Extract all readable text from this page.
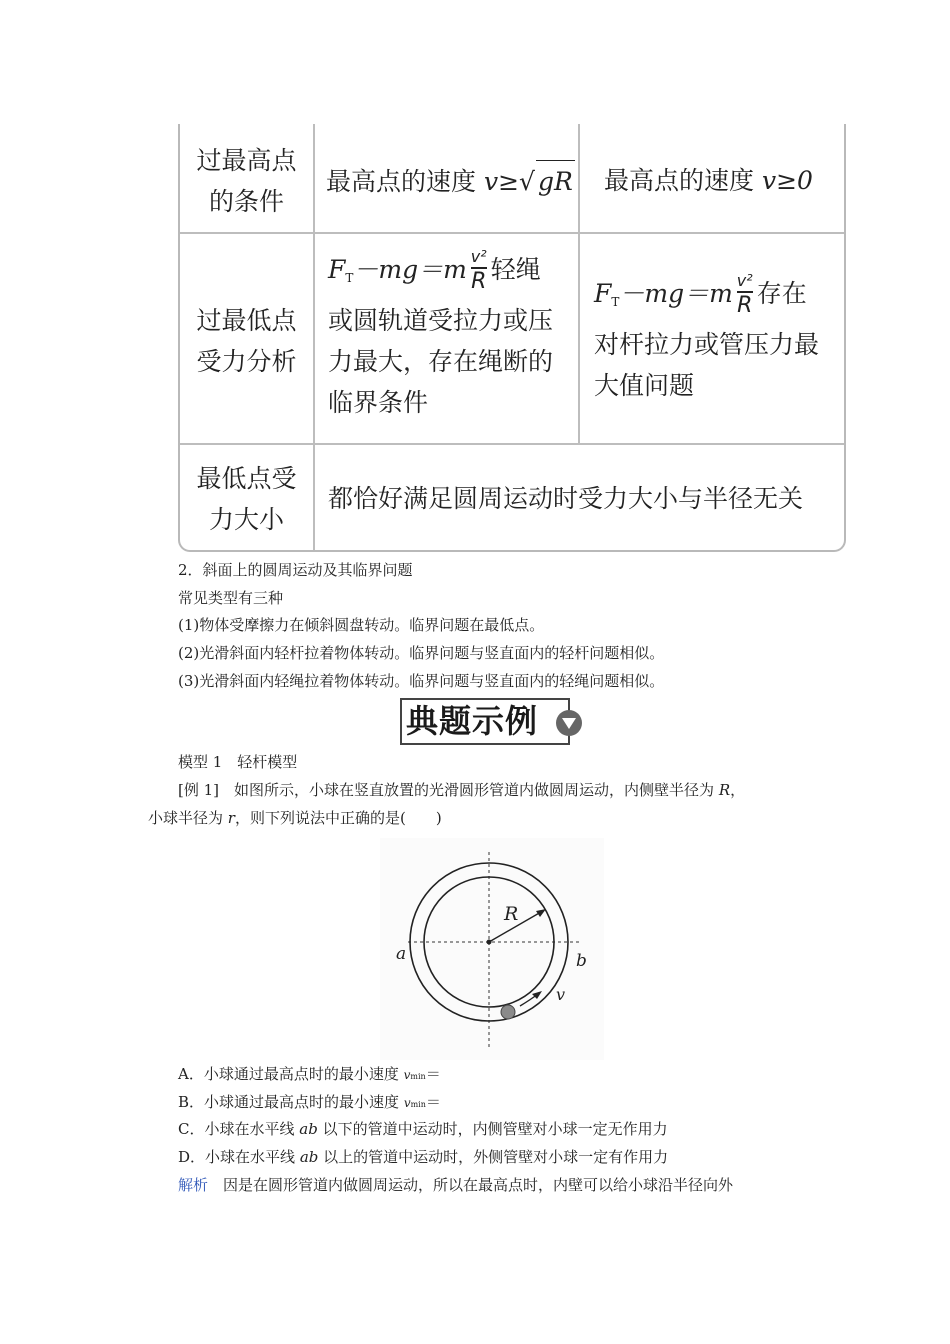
过最高点
的条件
最高点的速度 v≥√ gR 最高点的速度 v≥0
过最低点
受力分析
$F_T-mg=m \frac{\text{v²}}{R}$ 轻绳
或圆轨道受拉力或压
力最大，存在绳断的
临界条件
$F_T-mg=m \frac{\text{v²}}{R}$ 存在
对杆拉力或管压力最
大值问题
最低点受
力大小
都恰好满足圆周运动时受力大小与半径无关
2．斜面上的圆周运动及其临界问题
常见类型有三种
(1)物体受摩擦力在倾斜圆盘转动。临界问题在最低点。
(2)光滑斜面内轻杆拉着物体转动。临界问题与竖直面内的轻杆问题相似。
(3)光滑斜面内轻绳拉着物体转动。临界问题与竖直面内的轻绳问题相似。
典题示例
模型 1　轻杆模型
[例 1]　 如图所示，小球在竖直放置的光滑圆形管道内做圆周运动，内侧壁半径为 R，
小球半径为 r，则下列说法中正确的是(　　)
R
a	b
v
A．小球通过最高点时的最小速度 vmin＝
B．小球通过最高点时的最小速度 vmin＝
C．小球在水平线 ab 以下的管道中运动时，内侧管壁对小球一定无作用力
D．小球在水平线 ab 以上的管道中运动时，外侧管壁对小球一定有作用力
解析　 因是在圆形管道内做圆周运动，所以在最高点时，内壁可以给小球沿半径向外
